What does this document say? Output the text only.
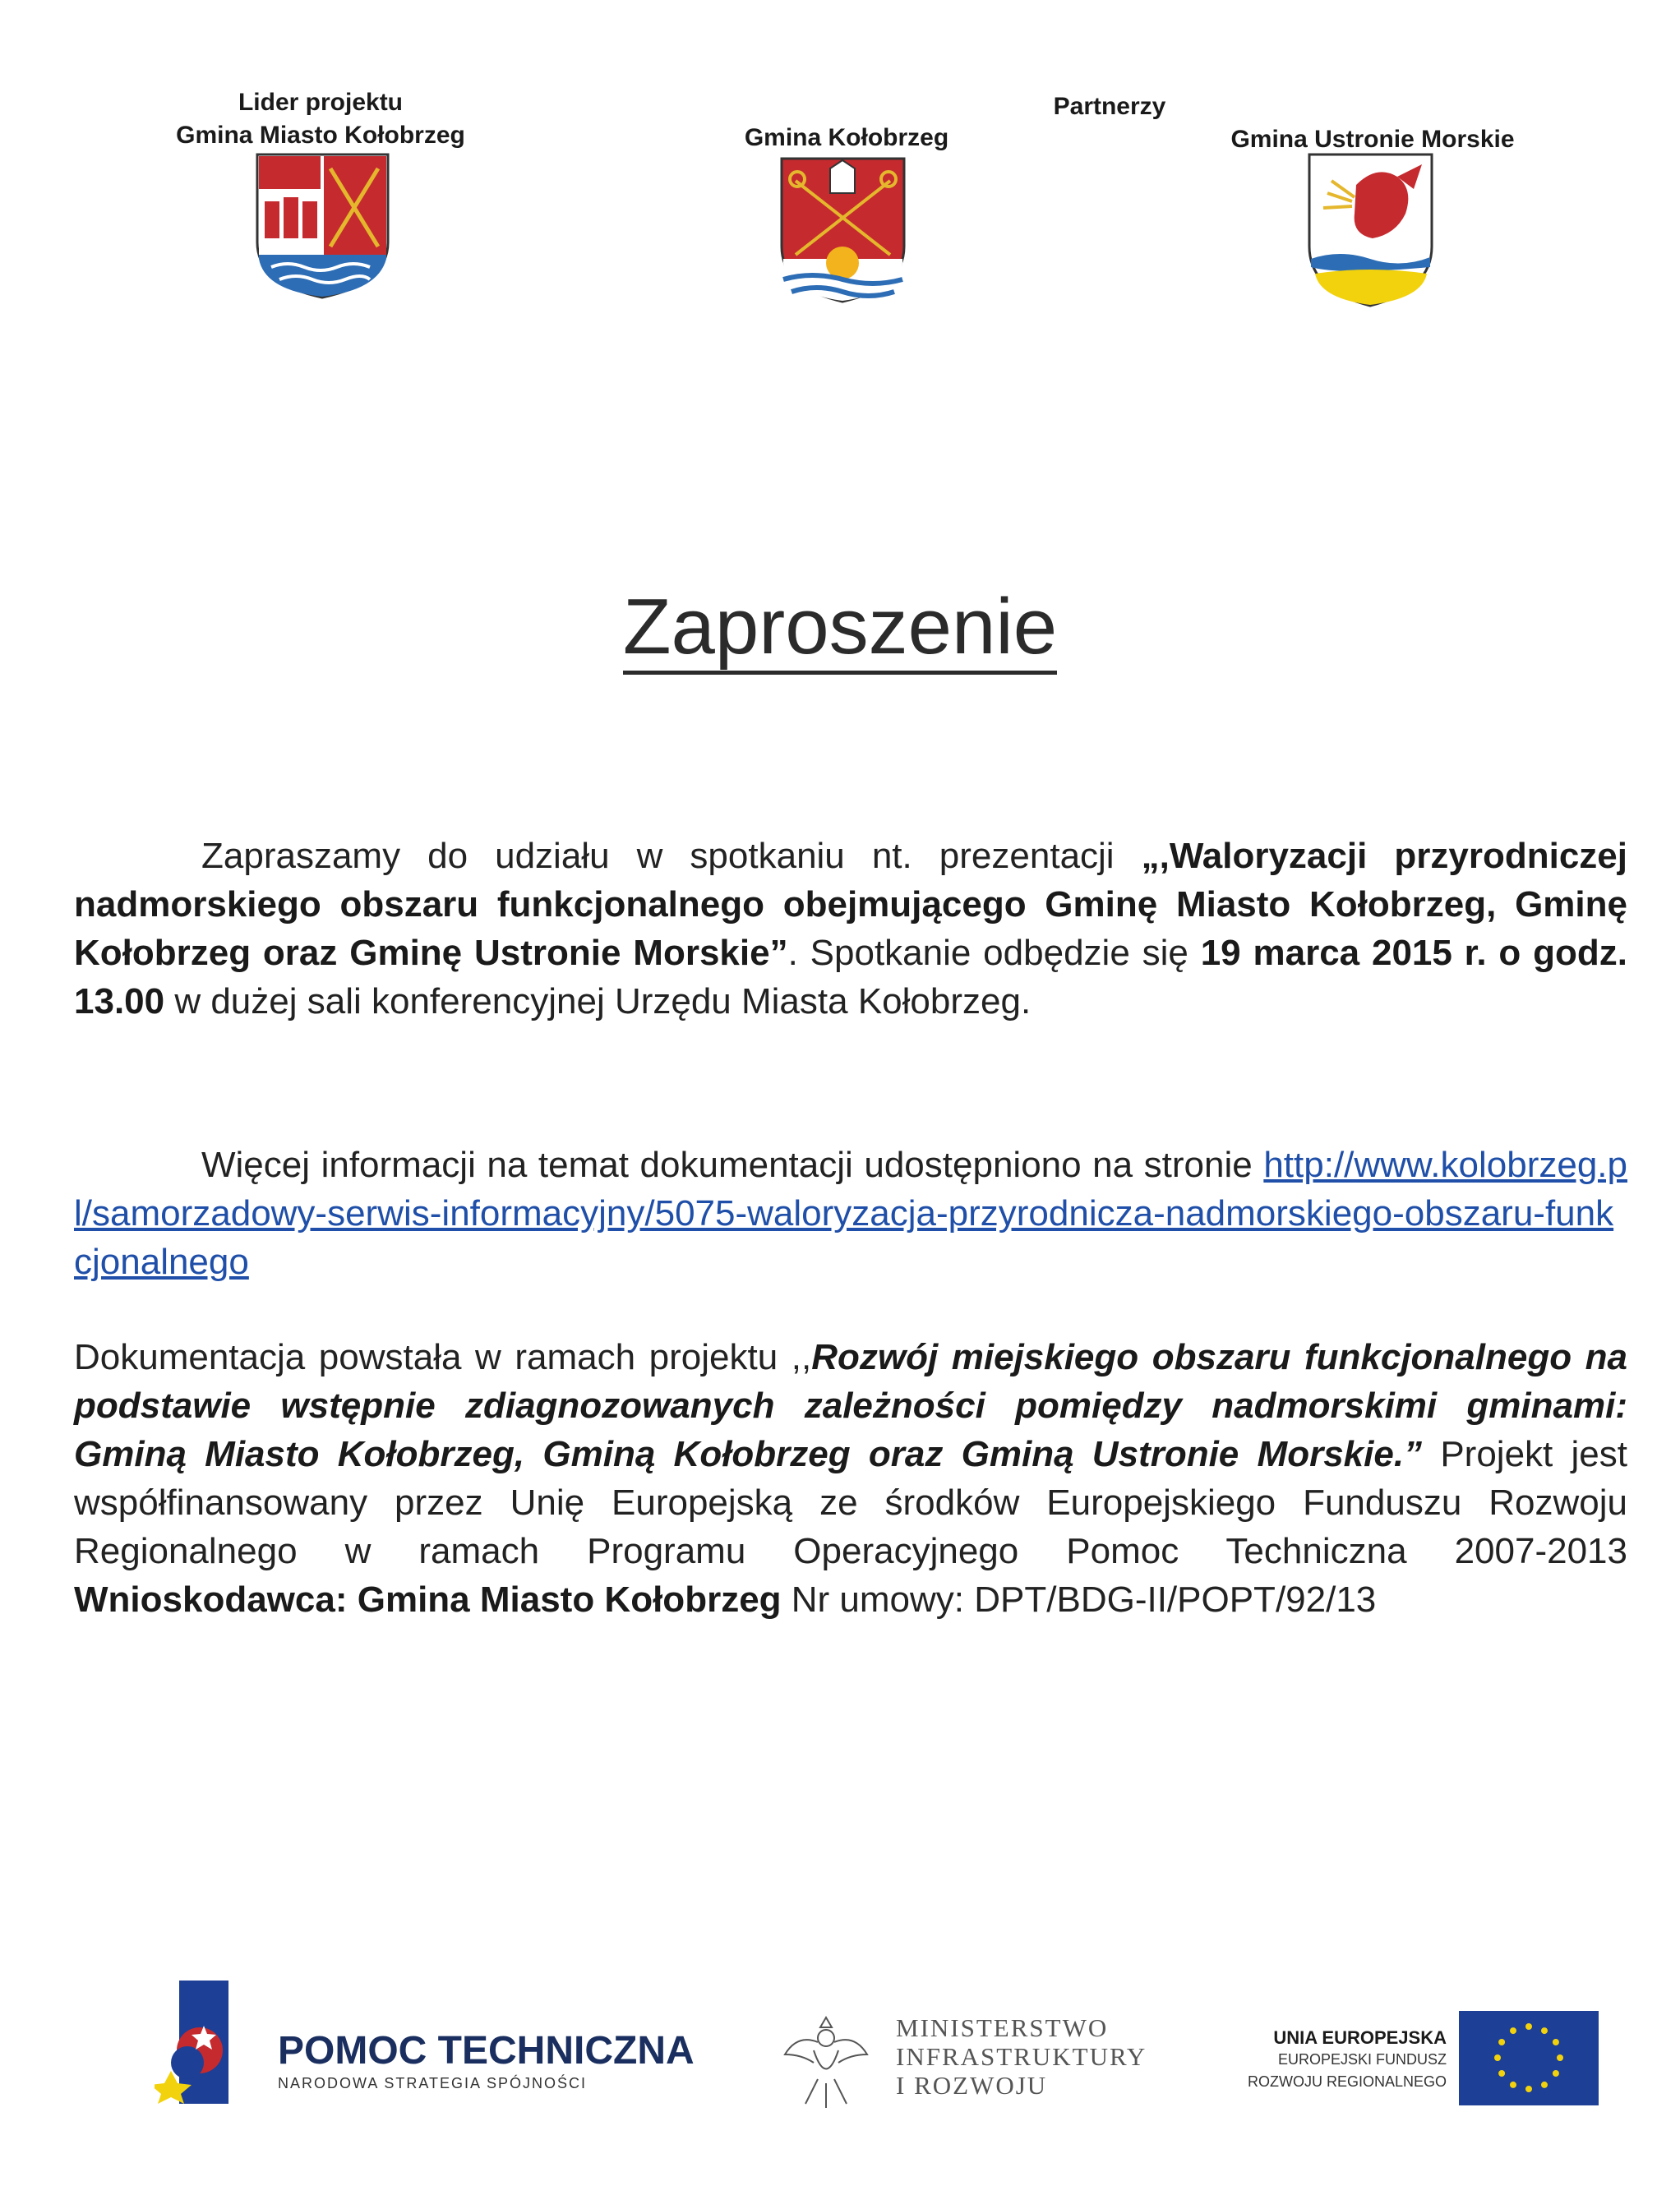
Lider projektu
Gmina Miasto Kołobrzeg
Partnerzy
Gmina Kołobrzeg	Gmina Ustronie Morskie
Zaproszenie
Zapraszamy do udziału w spotkaniu nt. prezentacji „,Waloryzacji przyrodniczej nadmorskiego obszaru funkcjonalnego obejmującego Gminę Miasto Kołobrzeg, Gminę Kołobrzeg oraz Gminę Ustronie Morskie”. Spotkanie odbędzie się 19 marca 2015 r. o godz. 13.00 w dużej sali konferencyjnej Urzędu Miasta Kołobrzeg.
Więcej informacji na temat dokumentacji udostępniono na stronie http://www.kolobrzeg.pl/samorzadowy-serwis-informacyjny/5075-waloryzacja-przyrodnicza-nadmorskiego-obszaru-funkcjonalnego
Dokumentacja powstała w ramach projektu ,,Rozwój miejskiego obszaru funkcjonalnego na podstawie wstępnie zdiagnozowanych zależności pomiędzy nadmorskimi gminami: Gminą Miasto Kołobrzeg, Gminą Kołobrzeg oraz Gminą Ustronie Morskie.” Projekt jest współfinansowany przez Unię Europejską ze środków Europejskiego Funduszu Rozwoju Regionalnego w ramach Programu Operacyjnego Pomoc Techniczna 2007-2013 Wnioskodawca: Gmina Miasto Kołobrzeg Nr umowy: DPT/BDG-II/POPT/92/13
POMOC TECHNICZNA
NARODOWA STRATEGIA SPÓJNOŚCI
MINISTERSTWO
INFRASTRUKTURY
I ROZWOJU
UNIA EUROPEJSKA
EUROPEJSKI FUNDUSZ
ROZWOJU REGIONALNEGO
